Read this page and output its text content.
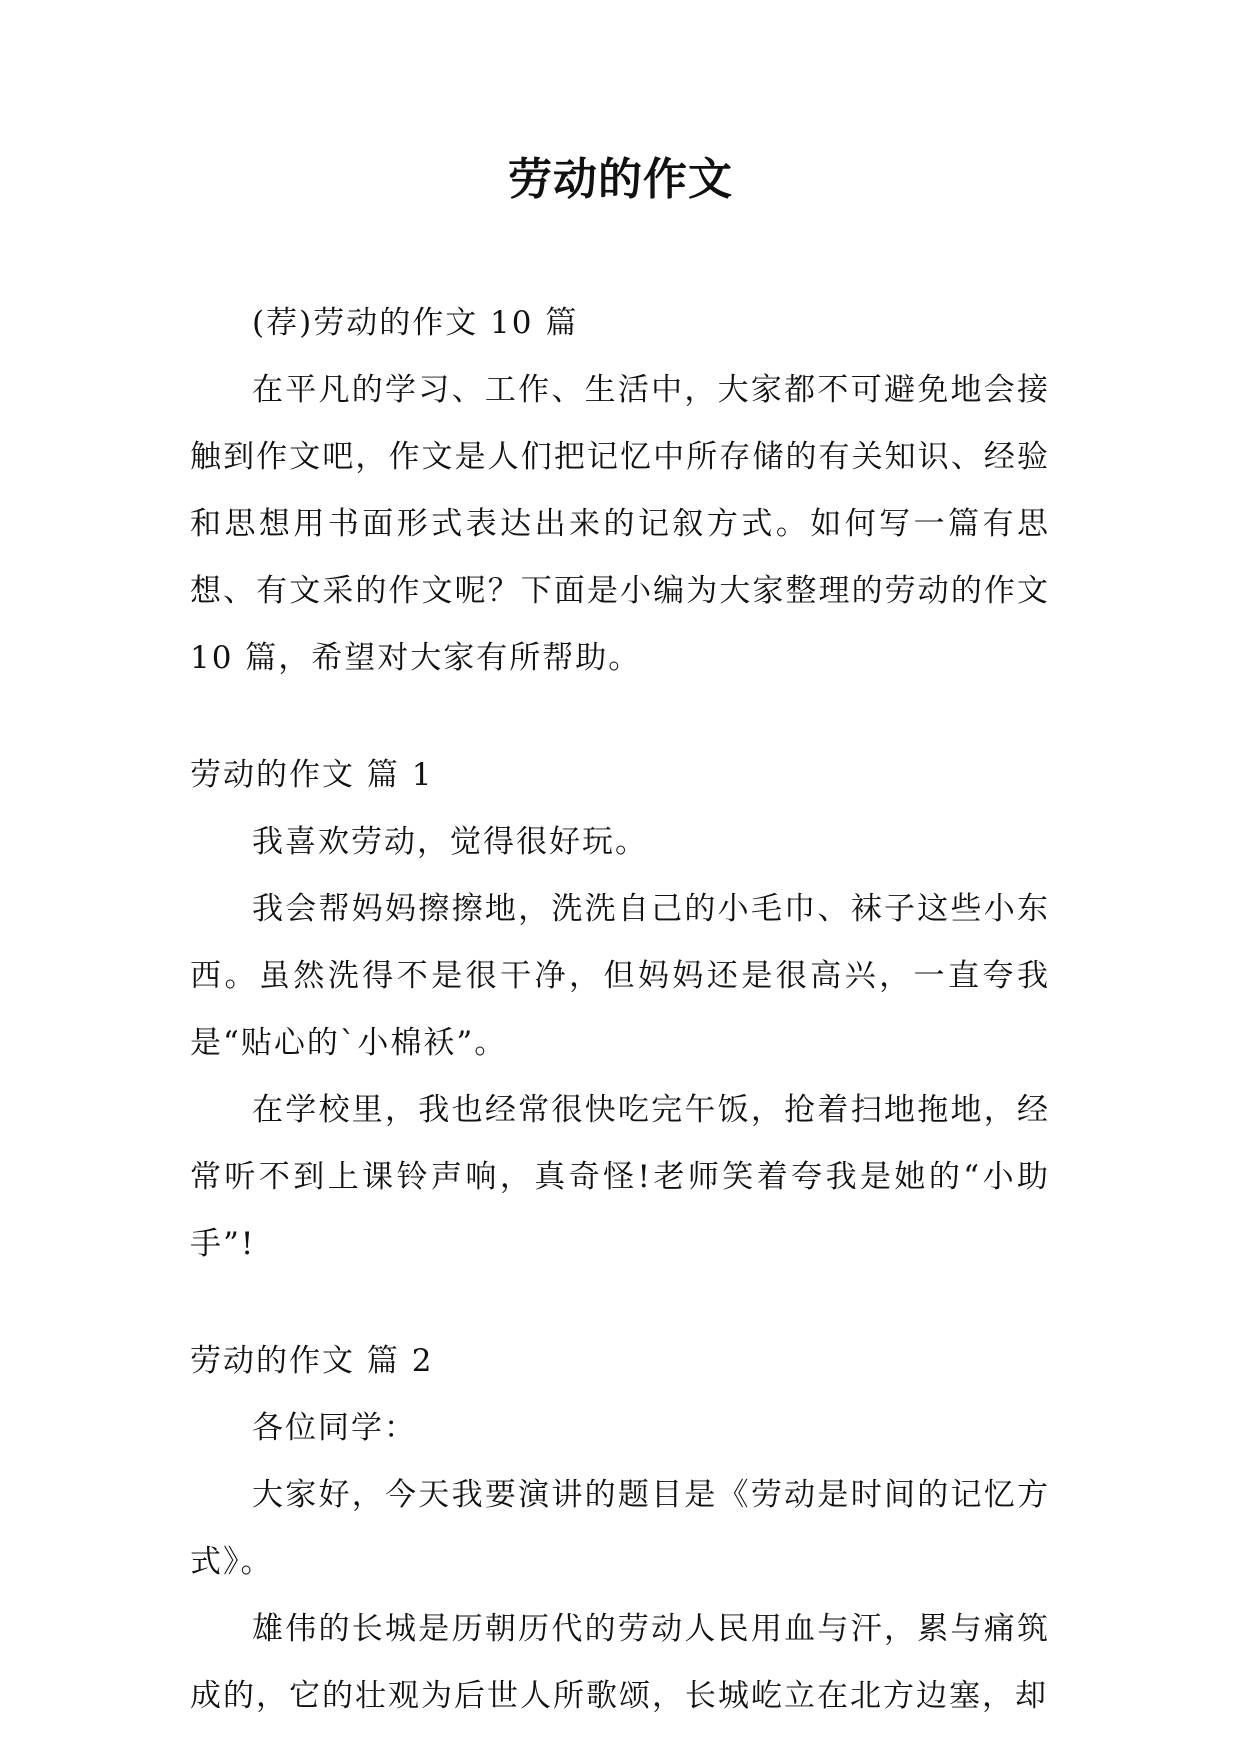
劳动的作文

(荐)劳动的作文 10 篇

在平凡的学习、工作、生活中，大家都不可避免地会接触到作文吧，作文是人们把记忆中所存储的有关知识、经验和思想用书面形式表达出来的记叙方式。如何写一篇有思想、有文采的作文呢？下面是小编为大家整理的劳动的作文 10 篇，希望对大家有所帮助。

劳动的作文 篇 1

我喜欢劳动，觉得很好玩。

我会帮妈妈擦擦地，洗洗自己的小毛巾、袜子这些小东西。虽然洗得不是很干净，但妈妈还是很高兴，一直夸我是“贴心的`小棉袄”。

在学校里，我也经常很快吃完午饭，抢着扫地拖地，经常听不到上课铃声响，真奇怪!老师笑着夸我是她的“小助手”!

劳动的作文 篇 2

各位同学：

大家好，今天我要演讲的题目是《劳动是时间的记忆方式》。

雄伟的长城是历朝历代的劳动人民用血与汗，累与痛筑成的，它的壮观为后世人所歌颂，长城屹立在北方边塞，却
